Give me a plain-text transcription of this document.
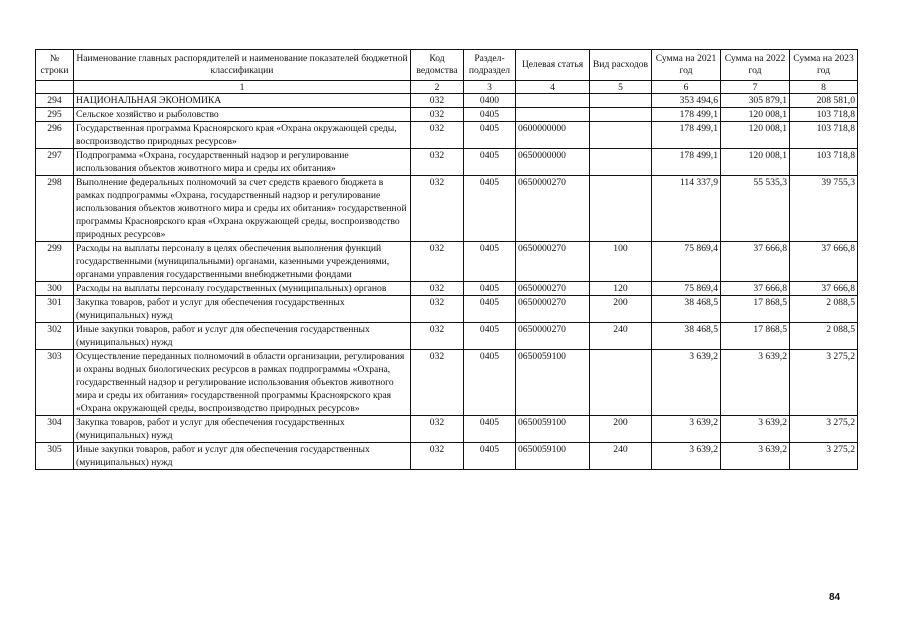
№ строки	Наименование главных распорядителей и наименование показателей бюджетной классификации	Код ведомства	Раздел-подраздел	Целевая статья	Вид расходов	Сумма на 2021 год	Сумма на 2022 год	Сумма на 2023 год
	1	2	3	4	5	6	7	8
294	НАЦИОНАЛЬНАЯ ЭКОНОМИКА	032	0400			353 494,6	305 879,1	208 581,0
295	Сельское хозяйство и рыболовство	032	0405			178 499,1	120 008,1	103 718,8
296	Государственная программа Красноярского края «Охрана окружающей среды, воспроизводство природных ресурсов»	032	0405	0600000000		178 499,1	120 008,1	103 718,8
297	Подпрограмма «Охрана, государственный надзор и регулирование использования объектов животного мира и среды их обитания»	032	0405	0650000000		178 499,1	120 008,1	103 718,8
298	Выполнение федеральных полномочий за счет средств краевого бюджета в рамках подпрограммы «Охрана, государственный надзор и регулирование использования объектов животного мира и среды их обитания» государственной программы Красноярского края «Охрана окружающей среды, воспроизводство природных ресурсов»	032	0405	0650000270		114 337,9	55 535,3	39 755,3
299	Расходы на выплаты персоналу в целях обеспечения выполнения функций государственными (муниципальными) органами, казенными учреждениями, органами управления государственными внебюджетными фондами	032	0405	0650000270	100	75 869,4	37 666,8	37 666,8
300	Расходы на выплаты персоналу государственных (муниципальных) органов	032	0405	0650000270	120	75 869,4	37 666,8	37 666,8
301	Закупка товаров, работ и услуг для обеспечения государственных (муниципальных) нужд	032	0405	0650000270	200	38 468,5	17 868,5	2 088,5
302	Иные закупки товаров, работ и услуг для обеспечения государственных (муниципальных) нужд	032	0405	0650000270	240	38 468,5	17 868,5	2 088,5
303	Осуществление переданных полномочий в области организации, регулирования и охраны водных биологических ресурсов в рамках подпрограммы «Охрана, государственный надзор и регулирование использования объектов животного мира и среды их обитания» государственной программы Красноярского края «Охрана окружающей среды, воспроизводство природных ресурсов»	032	0405	0650059100		3 639,2	3 639,2	3 275,2
304	Закупка товаров, работ и услуг для обеспечения государственных (муниципальных) нужд	032	0405	0650059100	200	3 639,2	3 639,2	3 275,2
305	Иные закупки товаров, работ и услуг для обеспечения государственных (муниципальных) нужд	032	0405	0650059100	240	3 639,2	3 639,2	3 275,2
84
